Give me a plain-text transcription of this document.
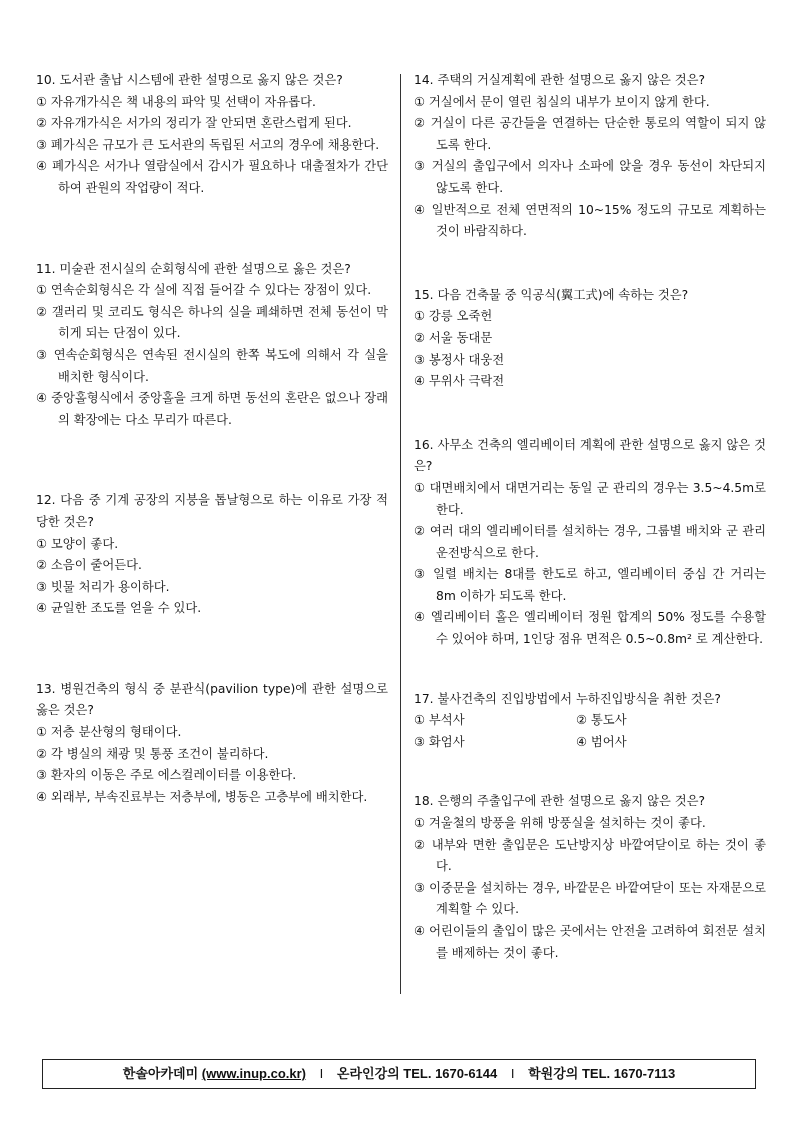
10. 도서관 출납 시스템에 관한 설명으로 옳지 않은 것은?

① 자유개가식은 책 내용의 파악 및 선택이 자유롭다.

② 자유개가식은 서가의 정리가 잘 안되면 혼란스럽게 된다.

③ 폐가식은 규모가 큰 도서관의 독립된 서고의 경우에 채용한다.

④ 폐가식은 서가나 열람실에서 감시가 필요하나 대출절차가 간단하여 관원의 작업량이 적다.

11. 미술관 전시실의 순회형식에 관한 설명으로 옳은 것은?

① 연속순회형식은 각 실에 직접 들어갈 수 있다는 장점이 있다.

② 갤러리 및 코리도 형식은 하나의 실을 폐쇄하면 전체 동선이 막히게 되는 단점이 있다.

③ 연속순회형식은 연속된 전시실의 한쪽 복도에 의해서 각 실을 배치한 형식이다.

④ 중앙홀형식에서 중앙홀을 크게 하면 동선의 혼란은 없으나 장래의 확장에는 다소 무리가 따른다.

12. 다음 중 기계 공장의 지붕을 톱날형으로 하는 이유로 가장 적당한 것은?

① 모양이 좋다.

② 소음이 줄어든다.

③ 빗물 처리가 용이하다.

④ 균일한 조도를 얻을 수 있다.

13. 병원건축의 형식 중 분관식(pavilion type)에 관한 설명으로 옳은 것은?

① 저층 분산형의 형태이다.

② 각 병실의 채광 및 통풍 조건이 불리하다.

③ 환자의 이동은 주로 에스컬레이터를 이용한다.

④ 외래부, 부속진료부는 저층부에, 병동은 고층부에 배치한다.

14. 주택의 거실계획에 관한 설명으로 옳지 않은 것은?

① 거실에서 문이 열린 침실의 내부가 보이지 않게 한다.

② 거실이 다른 공간들을 연결하는 단순한 통로의 역할이 되지 않도록 한다.

③ 거실의 출입구에서 의자나 소파에 앉을 경우 동선이 차단되지 않도록 한다.

④ 일반적으로 전체 연면적의 10~15% 정도의 규모로 계획하는 것이 바람직하다.

15. 다음 건축물 중 익공식(翼工式)에 속하는 것은?

① 강릉 오죽헌

② 서울 동대문

③ 봉정사 대웅전

④ 무위사 극락전

16. 사무소 건축의 엘리베이터 계획에 관한 설명으로 옳지 않은 것은?

① 대면배치에서 대면거리는 동일 군 관리의 경우는 3.5~4.5m로 한다.

② 여러 대의 엘리베이터를 설치하는 경우, 그룹별 배치와 군 관리 운전방식으로 한다.

③ 일렬 배치는 8대를 한도로 하고, 엘리베이터 중심 간 거리는 8m 이하가 되도록 한다.

④ 엘리베이터 홀은 엘리베이터 정원 합계의 50% 정도를 수용할 수 있어야 하며, 1인당 점유 면적은 0.5~0.8m² 로 계산한다.

17. 불사건축의 진입방법에서 누하진입방식을 취한 것은?

① 부석사	② 통도사

③ 화엄사	④ 범어사

18. 은행의 주출입구에 관한 설명으로 옳지 않은 것은?

① 겨울철의 방풍을 위해 방풍실을 설치하는 것이 좋다.

② 내부와 면한 출입문은 도난방지상 바깥여닫이로 하는 것이 좋다.

③ 이중문을 설치하는 경우, 바깥문은 바깥여닫이 또는 자재문으로 계획할 수 있다.

④ 어린이들의 출입이 많은 곳에서는 안전을 고려하여 회전문 설치를 배제하는 것이 좋다.

한솔아카데미 (www.inup.co.kr) I 온라인강의 TEL. 1670-6144 I 학원강의 TEL. 1670-7113
